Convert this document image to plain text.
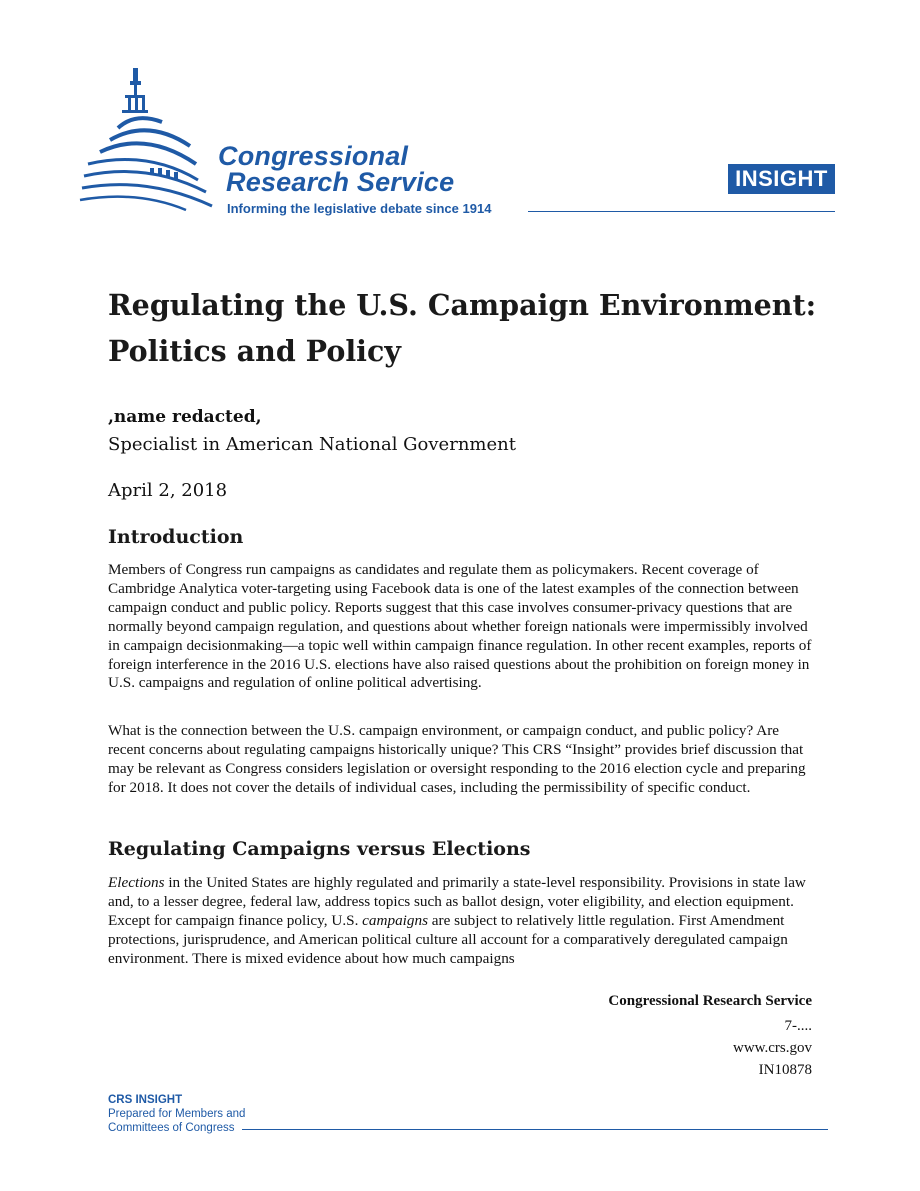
Congressional
Research Service
Informing the legislative debate since 1914
INSIGHT
Regulating the U.S. Campaign Environment:
Politics and Policy
,name redacted,
Specialist in American National Government
April 2, 2018
Introduction

Members of Congress run campaigns as candidates and regulate them as policymakers. Recent coverage of Cambridge Analytica voter-targeting using Facebook data is one of the latest examples of the connection between campaign conduct and public policy. Reports suggest that this case involves consumer-privacy questions that are normally beyond campaign regulation, and questions about whether foreign nationals were impermissibly involved in campaign decisionmaking—a topic well within campaign finance regulation. In other recent examples, reports of foreign interference in the 2016 U.S. elections have also raised questions about the prohibition on foreign money in U.S. campaigns and regulation of online political advertising.

What is the connection between the U.S. campaign environment, or campaign conduct, and public policy? Are recent concerns about regulating campaigns historically unique? This CRS “Insight” provides brief discussion that may be relevant as Congress considers legislation or oversight responding to the 2016 election cycle and preparing for 2018. It does not cover the details of individual cases, including the permissibility of specific conduct.

Regulating Campaigns versus Elections

Elections in the United States are highly regulated and primarily a state-level responsibility. Provisions in state law and, to a lesser degree, federal law, address topics such as ballot design, voter eligibility, and election equipment. Except for campaign finance policy, U.S. campaigns are subject to relatively little regulation. First Amendment protections, jurisprudence, and American political culture all account for a comparatively deregulated campaign environment. There is mixed evidence about how much campaigns

Congressional Research Service
7-....
www.crs.gov
IN10878
CRS INSIGHT
Prepared for Members and
Committees of Congress
